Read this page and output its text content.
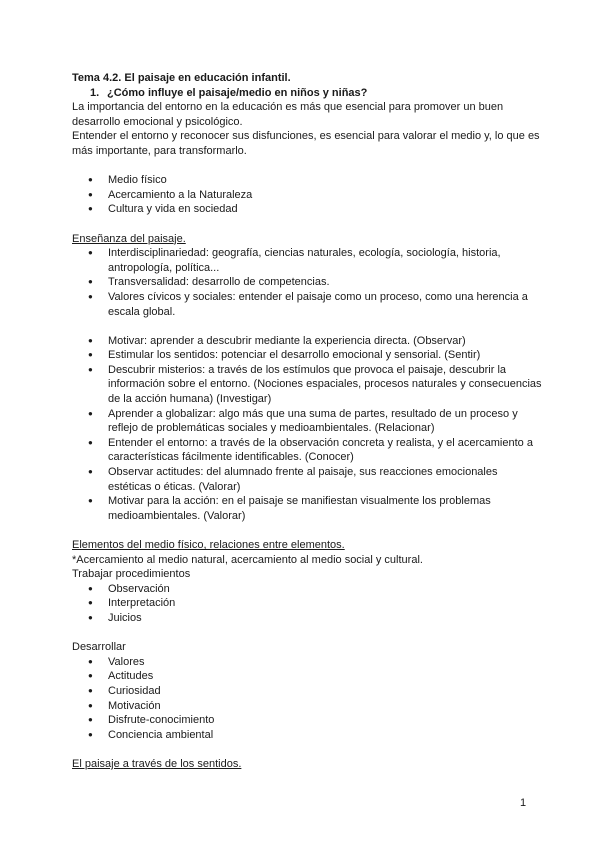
Tema 4.2. El paisaje en educación infantil.
1. ¿Cómo influye el paisaje/medio en niños y niñas?

La importancia del entorno en la educación es más que esencial para promover un buen desarrollo emocional y psicológico.

Entender el entorno y reconocer sus disfunciones, es esencial para valorar el medio y, lo que es más importante, para transformarlo.

● Medio físico
● Acercamiento a la Naturaleza
● Cultura y vida en sociedad
Enseñanza del paisaje.
● Interdisciplinariedad: geografía, ciencias naturales, ecología, sociología, historia, antropología, política...
● Transversalidad: desarrollo de competencias.
● Valores cívicos y sociales: entender el paisaje como un proceso, como una herencia a escala global.
● Motivar: aprender a descubrir mediante la experiencia directa. (Observar)
● Estimular los sentidos: potenciar el desarrollo emocional y sensorial. (Sentir)
● Descubrir misterios: a través de los estímulos que provoca el paisaje, descubrir la información sobre el entorno. (Nociones espaciales, procesos naturales y consecuencias de la acción humana) (Investigar)
● Aprender a globalizar: algo más que una suma de partes, resultado de un proceso y reflejo de problemáticas sociales y medioambientales. (Relacionar)
● Entender el entorno: a través de la observación concreta y realista, y el acercamiento a características fácilmente identificables. (Conocer)
● Observar actitudes: del alumnado frente al paisaje, sus reacciones emocionales estéticas o éticas. (Valorar)
● Motivar para la acción: en el paisaje se manifiestan visualmente los problemas medioambientales. (Valorar)
Elementos del medio físico, relaciones entre elementos.
*Acercamiento al medio natural, acercamiento al medio social y cultural.
Trabajar procedimientos
● Observación
● Interpretación
● Juicios
Desarrollar
● Valores
● Actitudes
● Curiosidad
● Motivación
● Disfrute-conocimiento
● Conciencia ambiental
El paisaje a través de los sentidos.
1
